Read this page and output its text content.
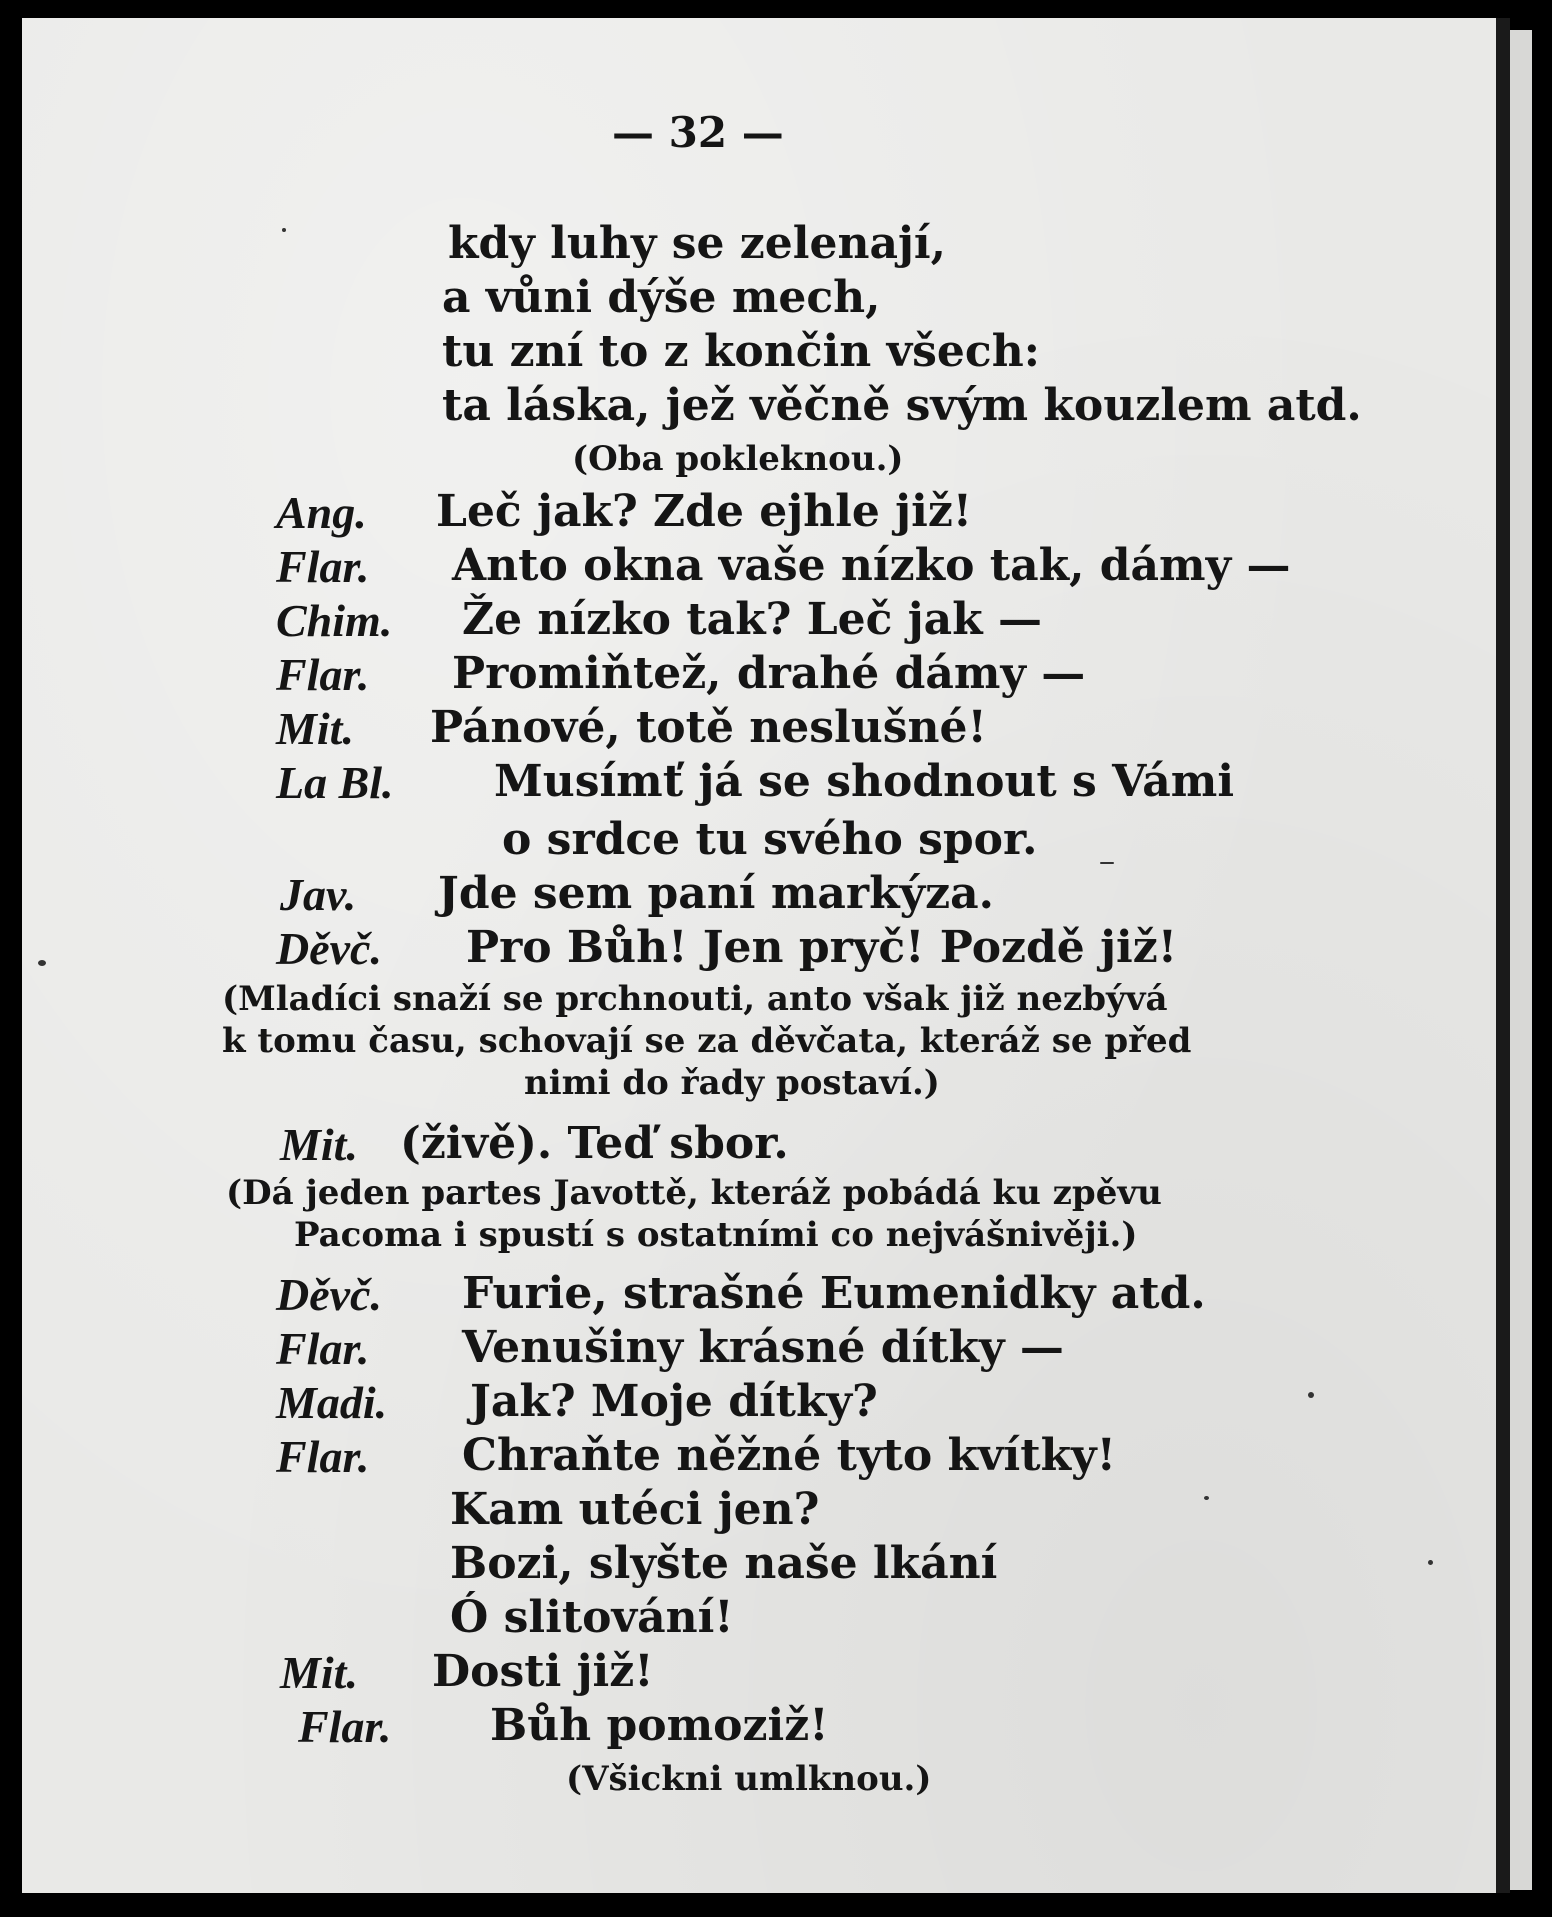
— 32 —
kdy luhy se zelenají,
a vůni dýše mech,
tu zní to z končin všech:
ta láska, jež věčně svým kouzlem atd.
(Oba pokleknou.)
Ang. Leč jak? Zde ejhle již!
Flar. Anto okna vaše nízko tak, dámy —
Chim. Že nízko tak? Leč jak —
Flar. Promiňtež, drahé dámy —
Mit. Pánové, totě neslušné!
La Bl. Musímť já se shodnout s Vámi
o srdce tu svého spor.
Jav. Jde sem paní markýza.
Děvč. Pro Bůh! Jen pryč! Pozdě již!
(Mladíci snaží se prchnouti, anto však již nezbývá
k tomu času, schovají se za děvčata, kteráž se před
nimi do řady postaví.)
Mit. (živě). Teď sbor.
(Dá jeden partes Javottě, kteráž pobádá ku zpěvu
Pacoma i spustí s ostatními co nejvášnivěji.)
Děvč. Furie, strašné Eumenidky atd.
Flar. Venušiny krásné dítky —
Madi. Jak? Moje dítky?
Flar. Chraňte něžné tyto kvítky!
Kam utéci jen?
Bozi, slyšte naše lkání
Ó slitování!
Mit. Dosti již!
Flar. Bůh pomoziž!
(Všickni umlknou.)
